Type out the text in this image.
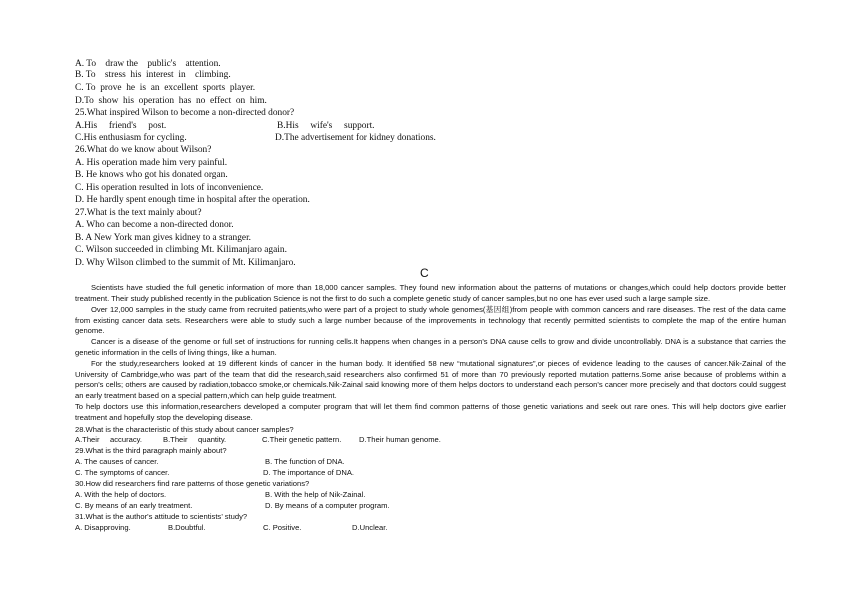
A. To    draw the    public's    attention.
B. To    stress  his  interest  in    climbing.
C. To  prove  he  is  an  excellent  sports  player.
D.To  show  his  operation  has  no  effect  on  him.
25.What inspired Wilson to become a non-directed donor?
A.His     friend's     post.	B.His     wife's     support.
C.His enthusiasm for cycling.	D.The advertisement for kidney donations.
26.What do we know about Wilson?
A. His operation made him very painful.
B. He knows who got his donated organ.
C. His operation resulted in lots of inconvenience.
D. He hardly spent enough time in hospital after the operation.
27.What is the text mainly about?
A. Who can become a non-directed donor.
B. A New York man gives kidney to a stranger.
C. Wilson succeeded in climbing Mt. Kilimanjaro again.
D. Why Wilson climbed to the summit of Mt. Kilimanjaro.
C
Scientists have studied the full genetic information of more than 18,000 cancer samples. They found new information about the patterns of mutations or changes,which could help doctors provide better treatment. Their study published recently in the publication Science is not the first to do such a complete genetic study of cancer samples,but no one has ever used such a large sample size.
Over 12,000 samples in the study came from recruited patients,who were part of a project to study whole genomes(基因组)from people with common cancers and rare diseases. The rest of the data came from existing cancer data sets. Researchers were able to study such a large number because of the improvements in technology that recently permitted scientists to complete the map of the entire human genome.
Cancer is a disease of the genome or full set of instructions for running cells.It happens when changes in a person's DNA cause cells to grow and divide uncontrollably. DNA is a substance that carries the genetic information in the cells of living things, like a human.
For the study,researchers looked at 19 different kinds of cancer in the human body. It identified 58 new “mutational signatures”,or pieces of evidence leading to the causes of cancer.Nik-Zainal of the University of Cambridge,who was part of the team that did the research,said researchers also confirmed 51 of more than 70 previously reported mutation patterns.Some arise because of problems within a person's cells; others are caused by radiation,tobacco smoke,or chemicals.Nik-Zainal said knowing more of them helps doctors to understand each person's cancer more precisely and that doctors could suggest an early treatment based on a special pattern,which can help guide treatment.
To help doctors use this information,researchers developed a computer program that will let them find common patterns of those genetic variations and seek out rare ones. This will help doctors give earlier treatment and hopefully stop the developing disease.
28.What is the characteristic of this study about cancer samples?
A.Their     accuracy.	B.Their     quantity.	C.Their genetic pattern. D.Their human genome.
29.What is the third paragraph mainly about?
A. The causes of cancer.	B. The function of DNA.
C. The symptoms of cancer.	D. The importance of DNA.
30.How did researchers find rare patterns of those genetic variations?
A. With the help of doctors.	B. With the help of Nik-Zainal.
C. By means of an early treatment.	D. By means of a computer program.
31.What is the author's attitude to scientists’ study?
A. Disapproving.	B.Doubtful.	C. Positive.	D.Unclear.
